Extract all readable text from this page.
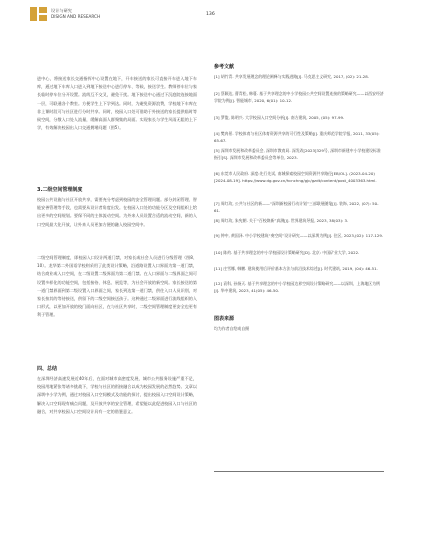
设计与研究
DISIGN AND RESEARCH	136

进中心，将接送家长交通指挥中心设置在地下，开车接送的家长可直接开车进入地下车库，通过地下车库入口进入到地下接送中心进行停车、等候，接送学生。教师停车位与家长临时停车位分开设置。流线互不交叉，避免干扰。地下接送中心通过下沉庭院连接地面一层，可联通各个教室。方便学生上下学到达。同时，为避免资源浪费，学校地下车库在非上课时段可与社区进行分时共享。同时，校园入口处可借助于外接送的家长提供临时等候空间，分散入口处人流量，缓解高面人群聚集的局面。实现家长与学生风雨无阻的上下学，有效解决校园出入口交通拥堵问题（图5）。

3.二级空间管理制度

校园公共设施与社区开放共享，需要充分考虑到校园的安全管理问题。部分封闭管理、智能安善管理等手段，也需要从设计者角度出发。在校园入口处的功能分区及空间组织上给出更多的空间规划。要保不同的主体流动空间。为外来人员设置合适的流动空间，新的入口空间最大化开放，让外来人员更加方便的融入校园空间中。

二级空间管理制度，即校园入口设计两道门禁，对家长或社会人员进行分级管理（图8、10）。龙华第二外国语学校则采用了此类设计策略，沿道路设置入口界面为第一道门禁，结合商业或入口空间，在二级设置二级界面为第二道门禁。在入口界面与二级界面之间可设置多样化的功能空间，包括接待、休息、展览等，为社会开放的新空间。家长接送的第一道门禁界面到第二级设置入口界面之间，家长到达第一道门禁，供往入口人员识别，对家长按其的等待接送，供留下的二级空间接送孩子。这种通过二级界面进行流线组织的入口形式，以更加开放的校门面向社区，在与社区共享时，二级空间管理制度更安全也更有利于管理。

四、总结

在深圳经济高速发展近40年后，在面对城市高密度发展，城市公共服务设施严重不足，校园用地紧张等诸多挑战下，学校与社区的衔接融合以成为校园发展的必然趋势。文章以深圳中小学为例，通过对校园入口空间模式及功能的探讨，提出校园入口空间设计策略，解决入口空间现有痛点问题，及开放共享的安全管理，希望能以此促进校园入口与社区的融合，对共享校园入口空间设计具有一定的借鉴意义。

参考文献

[1] 胡竹青. 共享发展理念的理论阐释与实践进路[J]. 马克思主义研究, 2017, (02): 21-28.

[2] 蔡颖达, 曹青松, 韩蔓. 基于共享理念的中小学校园公共空间设置连接的策略研究——以西安经济学院为例[J]. 智能城市, 2020, 6(01): 10-12.

[3] 罗俊, 陈明兴. 大学校园入口空间分析[J]. 南方建筑, 2005, (05): 97-99.

[4] 樊冉景. 学校体育与社区体育资源共享的可行性及策略[J]. 重庆师范学院学报, 2011, 33(05): 65-67.

[5] 深圳市发展和改革委员会, 深圳市教育局. 深发改[2023]329号, 深圳市新建中小学校建设标准指引[S]. 深圳市发展和改革委员会等单位, 2023.

[6] 东莞市人民政府. 深度:先行先试, 南城探索校园空间资源共享路径[EB/OL]. (2023-04-20) [2024-08-19]. https://www.dg.gov.cn/hcnchng/gjc/gzdt/content/post_4003363.html.

[7] 周红玫, 公共与社区的新——“深圳新校园行动计划”三部联展随笔[J]. 装饰, 2022, (07): 50-61.

[8] 周红玫, 朱宪朝. 关于“百校焕新”真测[J]. 世界建筑导报, 2023, 38(03): 3.

[9] 钟中, 黄国泽. 中小学校建筑“奏空间”设计研究——以深圳为例[J]. 住区, 2023,(02): 117-129.

[10] 陈灼. 基于共享理念的中小学校园设计策略研究[D]. 北京: 中国矿业大学, 2022.

[11] 庄雪娜, 韩鹏. 建筑使用后评价基本方法与前沿技术综述[J]. 时代建筑, 2019, (04): 46-51.

[12] 袁科, 孙扬天. 基于共享理念的中小学校园边界空间设计策略研究——以深圳、上海地区为例[J]. 华中建筑, 2023, 41(05): 46-50.

图表来源

均为作者自绘或自摄
